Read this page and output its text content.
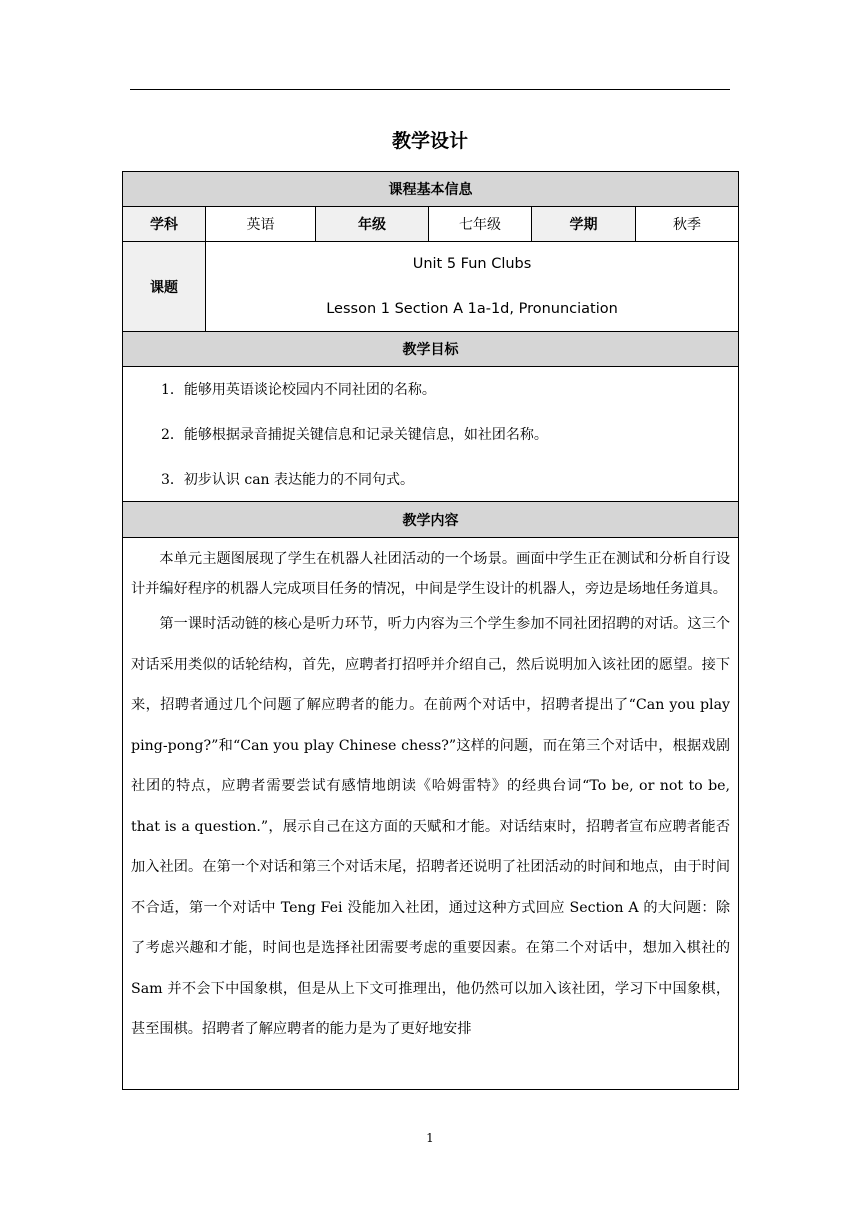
教学设计
课程基本信息					
学科	英语	年级	七年级	学期	秋季
课题	Unit 5 Fun Clubs
Lesson 1 Section A 1a-1d, Pronunciation				

教学目标					

1．能够用英语谈论校园内不同社团的名称。
2．能够根据录音捕捉关键信息和记录关键信息，如社团名称。
3．初步认识 can 表达能力的不同句式。					

教学内容					

本单元主题图展现了学生在机器人社团活动的一个场景。画面中学生正在测试和分析自行设计并编好程序的机器人完成项目任务的情况，中间是学生设计的机器人，旁边是场地任务道具。

第一课时活动链的核心是听力环节，听力内容为三个学生参加不同社团招聘的对话。这三个对话采用类似的话轮结构，首先，应聘者打招呼并介绍自己，然后说明加入该社团的愿望。接下来，招聘者通过几个问题了解应聘者的能力。在前两个对话中，招聘者提出了“Can you play ping-pong?”和“Can you play Chinese chess?”这样的问题，而在第三个对话中，根据戏剧社团的特点，应聘者需要尝试有感情地朗读《哈姆雷特》的经典台词“To be, or not to be, that is a question.”，展示自己在这方面的天赋和才能。对话结束时，招聘者宣布应聘者能否加入社团。在第一个对话和第三个对话末尾，招聘者还说明了社团活动的时间和地点，由于时间不合适，第一个对话中 Teng Fei 没能加入社团，通过这种方式回应 Section A 的大问题：除了考虑兴趣和才能，时间也是选择社团需要考虑的重要因素。在第二个对话中，想加入棋社的 Sam 并不会下中国象棋，但是从上下文可推理出，他仍然可以加入该社团，学习下中国象棋，甚至围棋。招聘者了解应聘者的能力是为了更好地安排					

1
